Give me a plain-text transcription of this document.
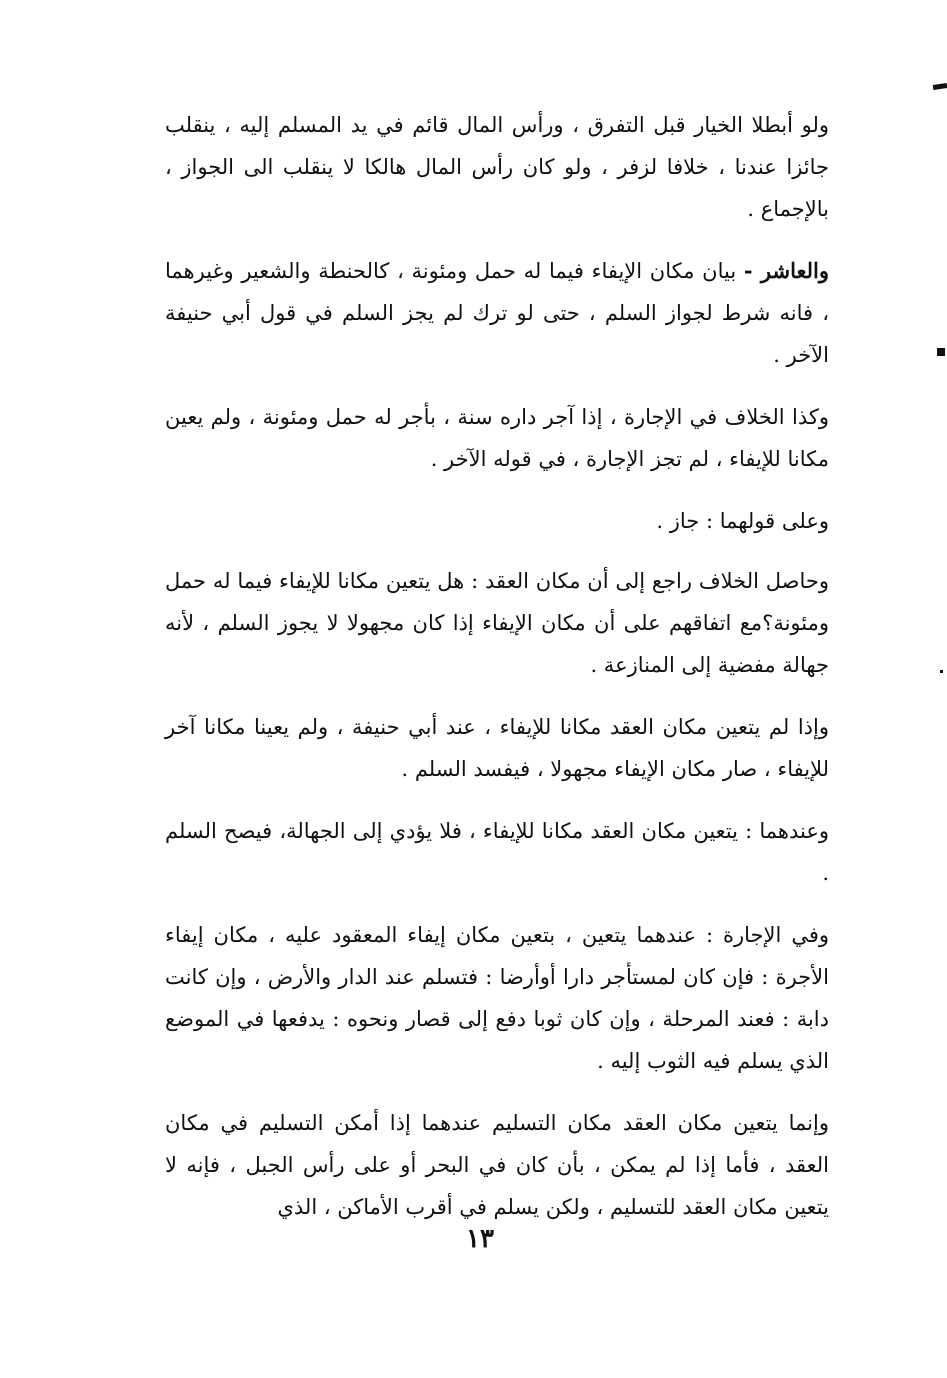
ولو أبطلا الخيار قبل التفرق ، ورأس المال قائم في يد المسلم إليه ، ينقلب جائزا عندنا ، خلافا لزفر ، ولو كان رأس المال هالكا لا ينقلب الى الجواز ، بالإجماع .

والعاشر - بيان مكان الإيفاء فيما له حمل ومئونة ، كالحنطة والشعير وغيرهما ، فانه شرط لجواز السلم ، حتى لو ترك لم يجز السلم في قول أبي حنيفة الآخر .

وكذا الخلاف في الإجارة ، إذا آجر داره سنة ، بأجر له حمل ومئونة ، ولم يعين مكانا للإيفاء ، لم تجز الإجارة ، في قوله الآخر .

وعلى قولهما : جاز .

وحاصل الخلاف راجع إلى أن مكان العقد : هل يتعين مكانا للإيفاء فيما له حمل ومئونة؟مع اتفاقهم على أن مكان الإيفاء إذا كان مجهولا لا يجوز السلم ، لأنه جهالة مفضية إلى المنازعة .

وإذا لم يتعين مكان العقد مكانا للإيفاء ، عند أبي حنيفة ، ولم يعينا مكانا آخر للإيفاء ، صار مكان الإيفاء مجهولا ، فيفسد السلم .

وعندهما : يتعين مكان العقد مكانا للإيفاء ، فلا يؤدي إلى الجهالة، فيصح السلم .

وفي الإجارة : عندهما يتعين ، بتعين مكان إيفاء المعقود عليه ، مكان إيفاء الأجرة : فإن كان لمستأجر دارا أوأرضا : فتسلم عند الدار والأرض ، وإن كانت دابة : فعند المرحلة ، وإن كان ثوبا دفع إلى قصار ونحوه : يدفعها في الموضع الذي يسلم فيه الثوب إليه .

وإنما يتعين مكان العقد مكان التسليم عندهما إذا أمكن التسليم في مكان العقد ، فأما إذا لم يمكن ، بأن كان في البحر أو على رأس الجبل ، فإنه لا يتعين مكان العقد للتسليم ، ولكن يسلم في أقرب الأماكن ، الذي

١٣
